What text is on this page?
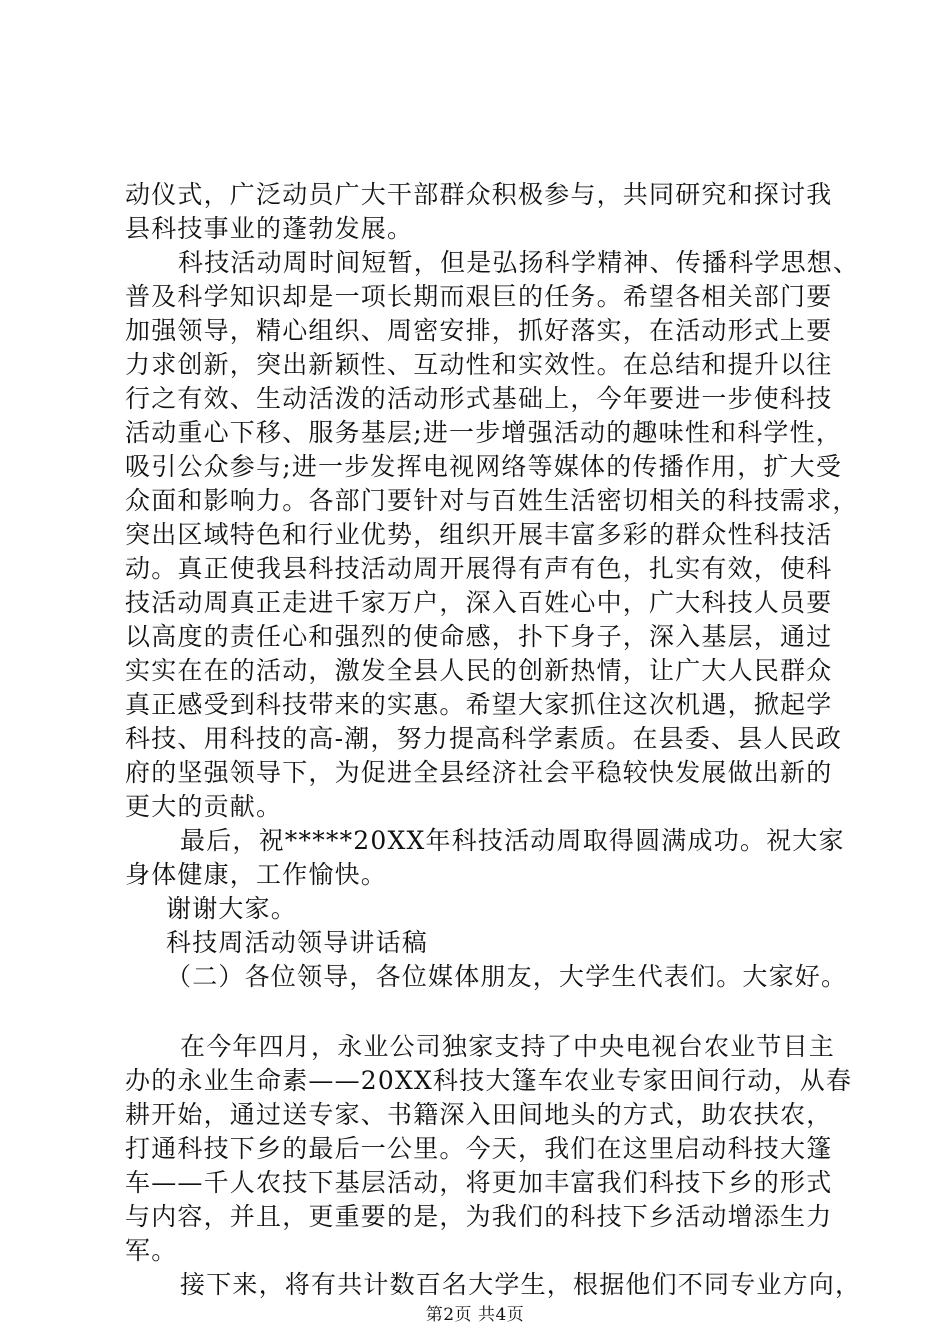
动仪式，广泛动员广大干部群众积极参与，共同研究和探讨我
县科技事业的蓬勃发展。
科技活动周时间短暂，但是弘扬科学精神、传播科学思想、
普及科学知识却是一项长期而艰巨的任务。希望各相关部门要
加强领导，精心组织、周密安排，抓好落实，在活动形式上要
力求创新，突出新颖性、互动性和实效性。在总结和提升以往
行之有效、生动活泼的活动形式基础上，今年要进一步使科技
活动重心下移、服务基层;进一步增强活动的趣味性和科学性，
吸引公众参与;进一步发挥电视网络等媒体的传播作用，扩大受
众面和影响力。各部门要针对与百姓生活密切相关的科技需求，
突出区域特色和行业优势，组织开展丰富多彩的群众性科技活
动。真正使我县科技活动周开展得有声有色，扎实有效，使科
技活动周真正走进千家万户，深入百姓心中，广大科技人员要
以高度的责任心和强烈的使命感，扑下身子，深入基层，通过
实实在在的活动，激发全县人民的创新热情，让广大人民群众
真正感受到科技带来的实惠。希望大家抓住这次机遇，掀起学
科技、用科技的高-潮，努力提高科学素质。在县委、县人民政
府的坚强领导下，为促进全县经济社会平稳较快发展做出新的
更大的贡献。
最后，祝*****20XX年科技活动周取得圆满成功。祝大家
身体健康，工作愉快。
谢谢大家。
科技周活动领导讲话稿
（二）各位领导，各位媒体朋友，大学生代表们。大家好。
在今年四月，永业公司独家支持了中央电视台农业节目主
办的永业生命素——20XX科技大篷车农业专家田间行动，从春
耕开始，通过送专家、书籍深入田间地头的方式，助农扶农，
打通科技下乡的最后一公里。今天，我们在这里启动科技大篷
车——千人农技下基层活动，将更加丰富我们科技下乡的形式
与内容，并且，更重要的是，为我们的科技下乡活动增添生力
军。
接下来，将有共计数百名大学生，根据他们不同专业方向，
第2页 共4页
